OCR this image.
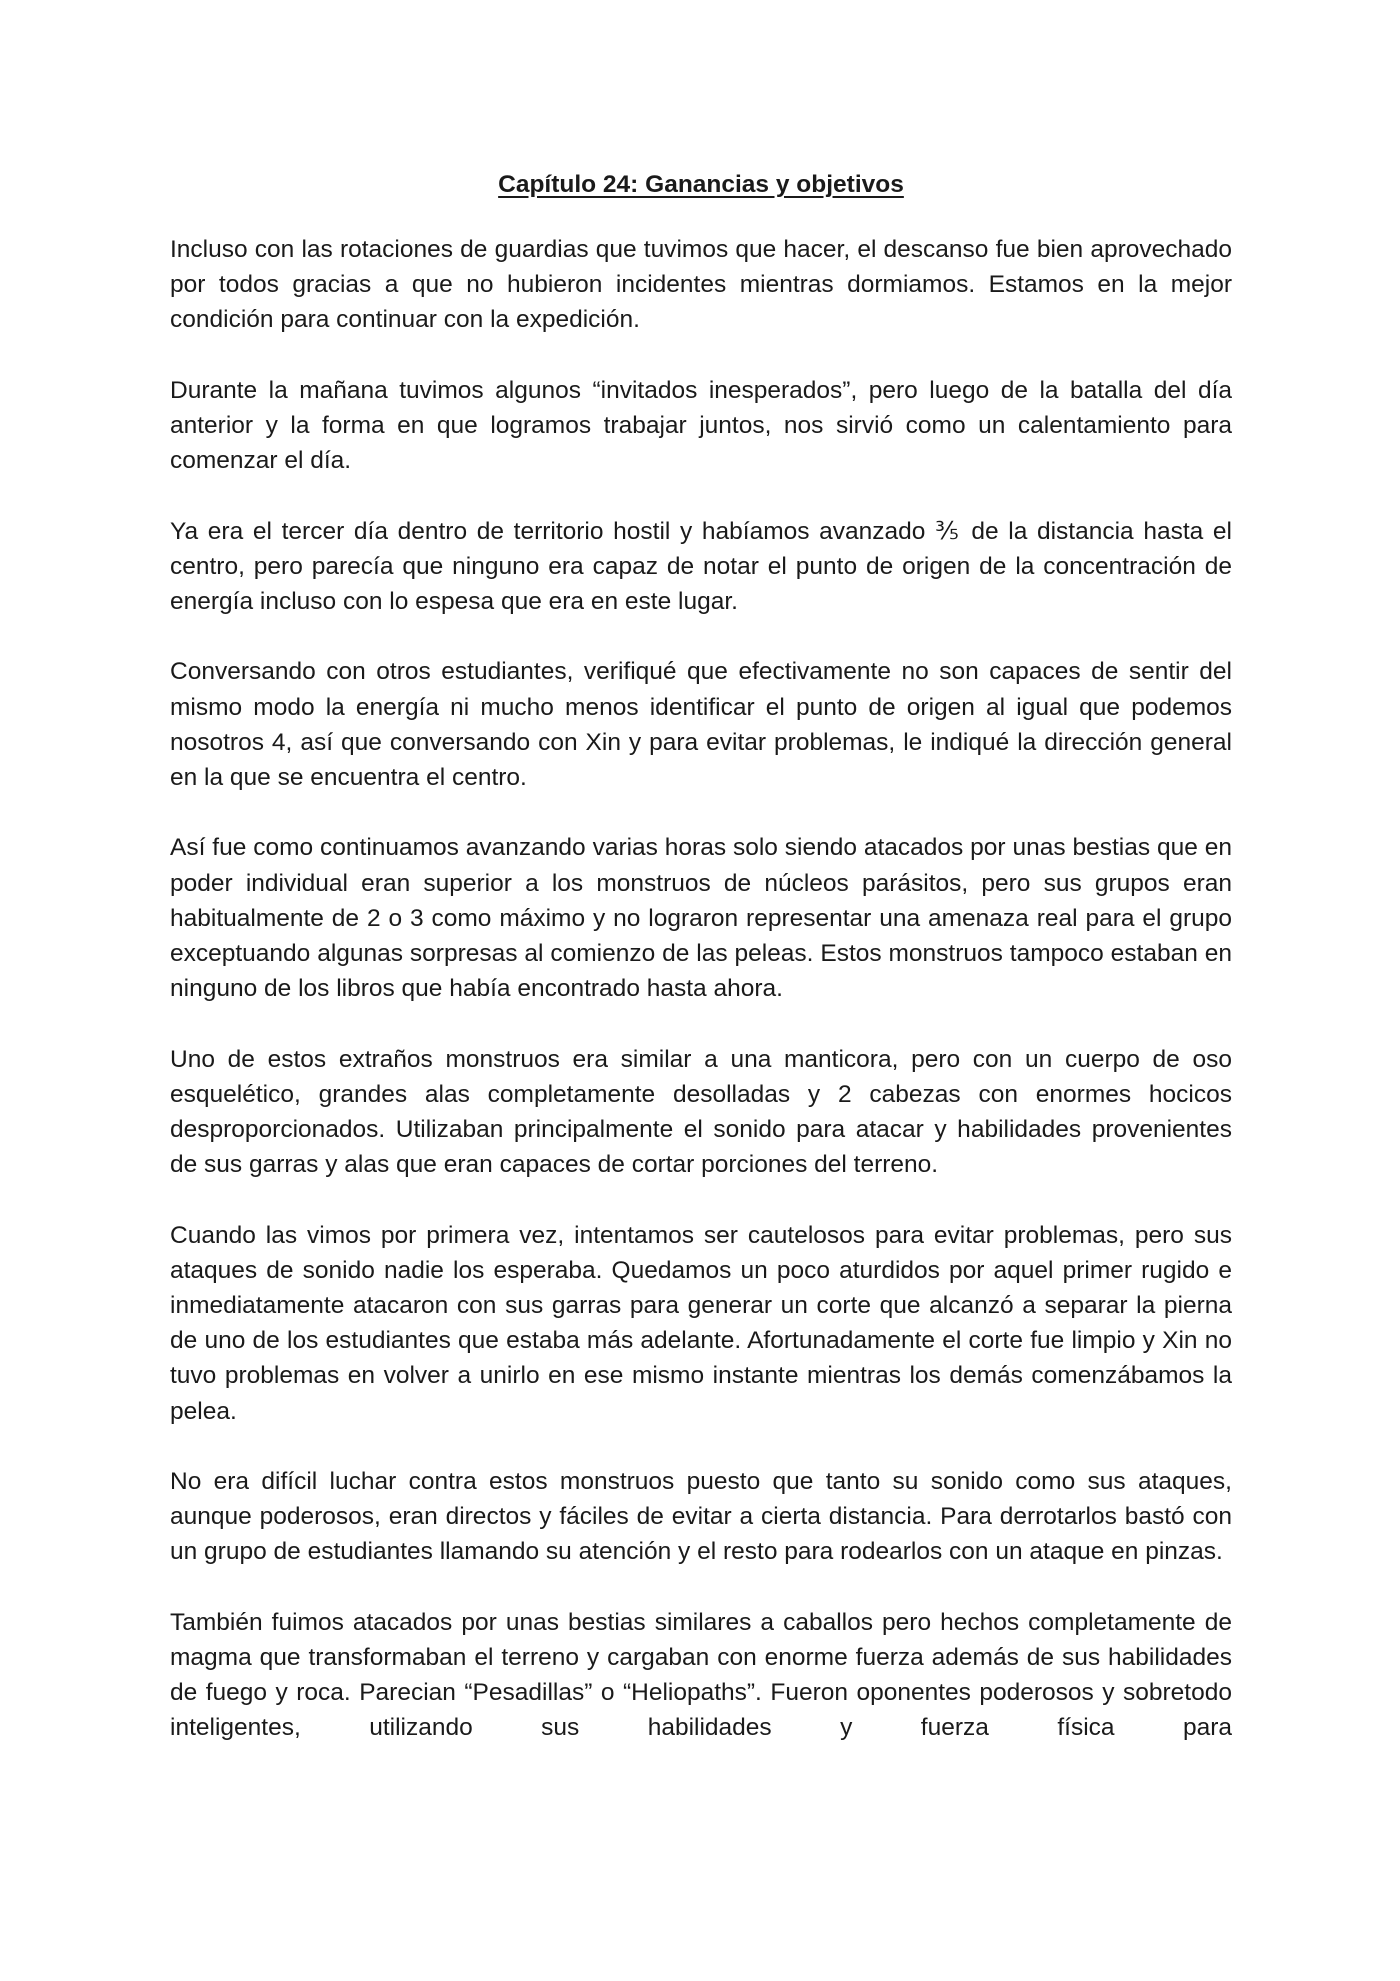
Capítulo 24: Ganancias y objetivos

Incluso con las rotaciones de guardias que tuvimos que hacer, el descanso fue bien aprovechado por todos gracias a que no hubieron incidentes mientras dormiamos. Estamos en la mejor condición para continuar con la expedición.

Durante la mañana tuvimos algunos “invitados inesperados”, pero luego de la batalla del día anterior y la forma en que logramos trabajar juntos, nos sirvió como un calentamiento para comenzar el día.

Ya era el tercer día dentro de territorio hostil y habíamos avanzado ⅗ de la distancia hasta el centro, pero parecía que ninguno era capaz de notar el punto de origen de la concentración de energía incluso con lo espesa que era en este lugar.

Conversando con otros estudiantes, verifiqué que efectivamente no son capaces de sentir del mismo modo la energía ni mucho menos identificar el punto de origen al igual que podemos nosotros 4, así que conversando con Xin y para evitar problemas, le indiqué la dirección general en la que se encuentra el centro.

Así fue como continuamos avanzando varias horas solo siendo atacados por unas bestias que en poder individual eran superior a los monstruos de núcleos parásitos, pero sus grupos eran habitualmente de 2 o 3 como máximo y no lograron representar una amenaza real para el grupo exceptuando algunas sorpresas al comienzo de las peleas. Estos monstruos tampoco estaban en ninguno de los libros que había encontrado hasta ahora.

Uno de estos extraños monstruos era similar a una manticora, pero con un cuerpo de oso esquelético, grandes alas completamente desolladas y 2 cabezas con enormes hocicos desproporcionados. Utilizaban principalmente el sonido para atacar y habilidades provenientes de sus garras y alas que eran capaces de cortar porciones del terreno.

Cuando las vimos por primera vez, intentamos ser cautelosos para evitar problemas, pero sus ataques de sonido nadie los esperaba. Quedamos un poco aturdidos por aquel primer rugido e inmediatamente atacaron con sus garras para generar un corte que alcanzó a separar la pierna de uno de los estudiantes que estaba más adelante. Afortunadamente el corte fue limpio y Xin no tuvo problemas en volver a unirlo en ese mismo instante mientras los demás comenzábamos la pelea.

No era difícil luchar contra estos monstruos puesto que tanto su sonido como sus ataques, aunque poderosos, eran directos y fáciles de evitar a cierta distancia. Para derrotarlos bastó con un grupo de estudiantes llamando su atención y el resto para rodearlos con un ataque en pinzas.

También fuimos atacados por unas bestias similares a caballos pero hechos completamente de magma que transformaban el terreno y cargaban con enorme fuerza además de sus habilidades de fuego y roca. Parecian “Pesadillas” o “Heliopaths”. Fueron oponentes poderosos y sobretodo inteligentes, utilizando sus habilidades y fuerza física para
